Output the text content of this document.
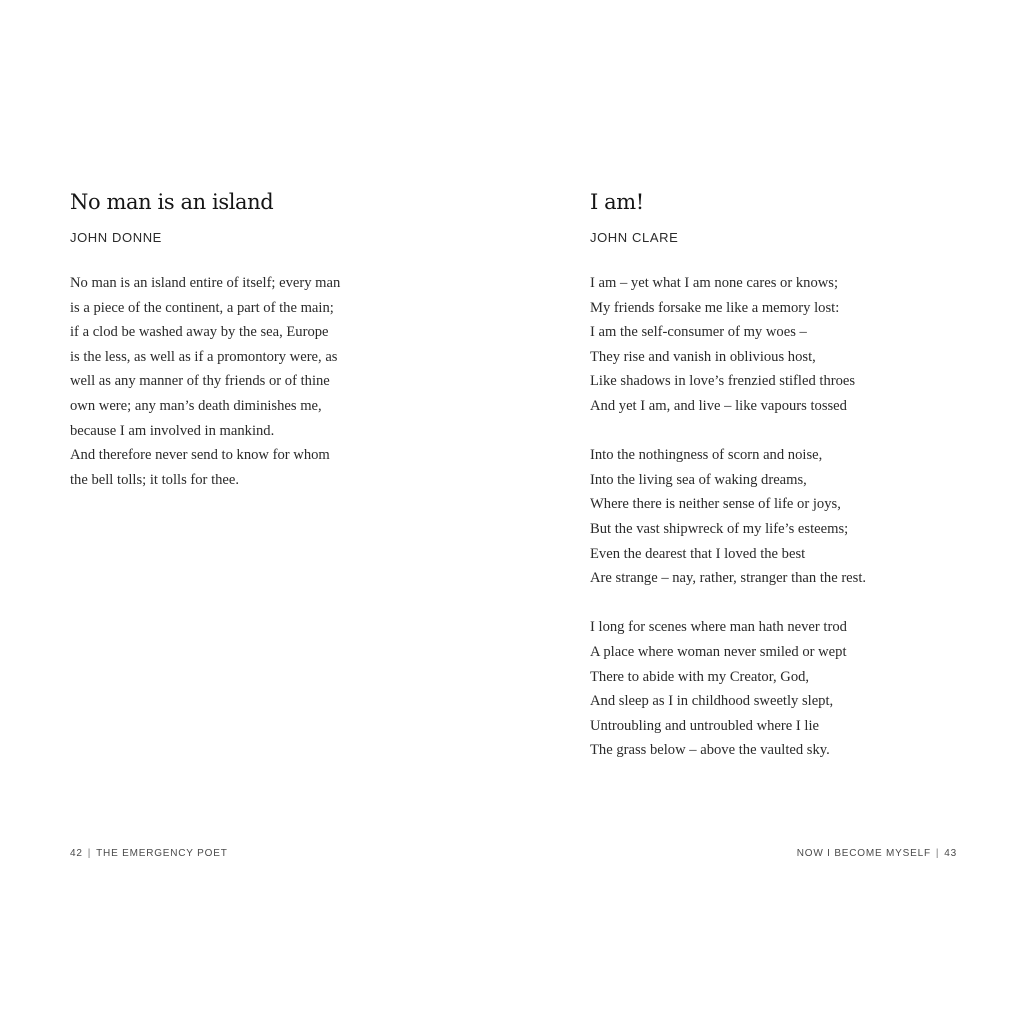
No man is an island
JOHN DONNE
No man is an island entire of itself; every man
is a piece of the continent, a part of the main;
if a clod be washed away by the sea, Europe
is the less, as well as if a promontory were, as
well as any manner of thy friends or of thine
own were; any man’s death diminishes me,
because I am involved in mankind.
And therefore never send to know for whom
the bell tolls; it tolls for thee.
42 | THE EMERGENCY POET
I am!
JOHN CLARE
I am – yet what I am none cares or knows;
My friends forsake me like a memory lost:
I am the self-consumer of my woes –
They rise and vanish in oblivious host,
Like shadows in love’s frenzied stifled throes
And yet I am, and live – like vapours tossed
Into the nothingness of scorn and noise,
Into the living sea of waking dreams,
Where there is neither sense of life or joys,
But the vast shipwreck of my life’s esteems;
Even the dearest that I loved the best
Are strange – nay, rather, stranger than the rest.
I long for scenes where man hath never trod
A place where woman never smiled or wept
There to abide with my Creator, God,
And sleep as I in childhood sweetly slept,
Untroubling and untroubled where I lie
The grass below – above the vaulted sky.
NOW I BECOME MYSELF | 43
